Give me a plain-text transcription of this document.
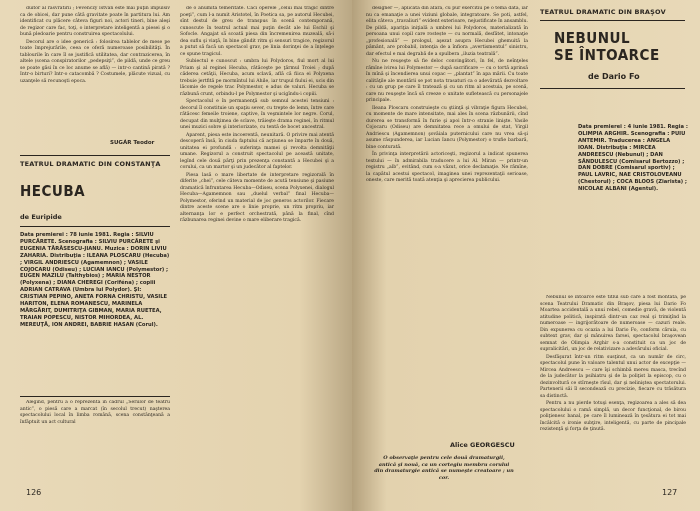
duitor al răsvrătirii ; Fevenczy István este mai puţin impulsiv ca de obicei, dar pune câtă gravitate poate în partitura lui. Am identificat cu plăcere câteva figuri noi, actori tineri, bine aleşi de regizor care fac, toţi, o interpretare inteligentă a piesei şi o bună pledoarie pentru construirea spectacolului.

Decorul are o idee generică : folosirea tablelor de mese pe toate împrejurările, ceea ce oferă numeroase posibilităţi. În tablourile în care îl se justifică utilitatea, dar contrazicerea, în altele (scena conspiratorilor „pedepsiţi”, de pildă, unde ce greu se poate găsi în ce loc anume se află) — intr-o cantină pirată ? Intr-o birturi? Intr-o catacombă ? Costumele, plăcute vizual, cu uzanţele să recunoşti epoca.

SUGÁR Teodor
TEATRUL DRAMATIC DIN CONSTANŢA
HECUBA
de Euripide
Data premierei : 78 iunie 1981. Regia : SILVIU PURCĂRETE. Scenografia : SILVIU PURCĂRETE şi EUGENIA TĂRĂSESCU-JIANU. Muzica : DORIN LIVIU ZAHARIA. Distribuţia : ILEANA PLOSCARU (Hecuba) ; VIRGIL ANDRIESCU (Agamemnon) ; VASILE COJOCARU (Odiseu) ; LUCIAN IANCU (Polymestor) ; EUGEN MAZILU (Talthybios) ; MARIA NESTOR (Polyxena) ; DIANA CHEREGI (Coriféna) ; copiii ADRIAN CATRAVA (Umbra lui Polydor). ŞI: CRISTIAN PEPINO, ANETA FORNA CHRISTU, VASILE HARITON, ELENA ROMANESCU, MARINELA MĂRGĂRIT, DUMITRIŢA GIBMAN, MARIA RUETEA, TRAIAN POPESCU, NISTOR MIHORDEA, AL. MEREUŢĂ, ION ANDREI, BABRIE HASAN (Corul).

Alegînd, pentru a o reprezenta în cadrul „Seriilor de teatru antic”, o piesă care a marcat (în secolul trecut) naşterea spectacolului local în limba română, scena constănţeană a înfăptuit un act cultural

de o anumită temeritate. Căci operele „celui mai tragic dintre poeţi”, cum l-a numit Aristotel, în Poetica sa, pe autorul Hecubei, sînt destul de greu de transpus în scenă contemporană, cunoscute în teatrul actual mai puţin decât ale lui Eschil şi Sofocle. Angajat să scoată piesa din încremenirea muzeală, să-i dea suflu şi viaţă, în bine gândit ritm şi sensuri tragice, regizorul a putut să facă un spectacol grav, pe linia dorinţei de a înţelege ce spune tragicul.

Subiectul e cunoscut : umbra lui Polydoros, fiul mort al lui Priam şi al reginei Hecuba, rătăceşte pe ţărmul Troiei ; după căderea cetăţii, Hecuba, acum sclavă, află că fiica ei Polyxena trebuie jertfită pe mormîntul lui Ahile, iar trupul fiului ei, ucis din lăcomie de regele trac Polymestor, e adus de valuri. Hecuba se răzbună crunt, orbindu-l pe Polymestor şi ucigîndu-i copiii.

Spectacolul e în permanenţă sub semnul acestei tensiuni : decorul îl constituie un spaţiu sever, cu trepte de lemn, între care rătăcesc femeile troiene, captive, în veşmintele lor negre. Corul, decupat din mulţimea de sclave, trăieşte drama reginei, în ritmul unei muzici sobre şi interiorizate, cu tentă de bocet ancestral.

Aparent, piesa este incoerentă, neunitară. O privire mai atentă descoperă însă, în ciuda faptului că acţiunea se împarte în două, unitatea ei profundă : suferinţa mamei şi revolta demnităţii umane. Regizorul a construit spectacolul pe această unitate, legînd cele două părţi prin prezenţa constantă a Hecubei şi a corului, ca un martor şi un judecător al faptelor.

Piesa lasă o mare libertate de interpretare regizorală în diferite „chei”, cele câteva momente de acută tensiune şi pasiune dramatică înfruntarea Hecuba—Odiseu, scena Polyxenei, dialogul Hecuba—Agamemnon sau „duelul verbal” final Hecuba—Polymestor, oferind un material de joc generos actorilor. Fiecare dintre aceste scene are o linie proprie, un ritm propriu, iar alternanţa lor e perfect orchestrată, până la final, cînd răzbunarea reginei devine o mare eliberare tragică.

126

designer —, aplicată din afară, cu pur exercitiu pe o temă dată, iar nu ca emanaţie a unei viziuni globale, integratoare. Se poti, astfel, elita câteva „travaliuri” evident exterioare, nejustificate în ansamblu. De pildă, apariţia iniţială a umbrei lui Polydoros, materializată în persoana unui copil care rostește — cu normală, desfătet, intonaţie „profesională” — prologul, aşezat asupra Hecubei ghemuită la pământ, are probabil, intenţia de a înfiora „avertismentul” sinistru, dar efectul e mai degrabă de a spulbera „iluzia teatrală”.

Nu ne reuşeşte să fie deloc convingători, în fel, de neînţeles rămîne ivirea lui Polymestor — după sacrificare — cu o tortă aprinsă în mînă şi încendierea unui copac — „plantat” în apa mării. Cu toate calităţile ale montării se pot nota trasaturi ca o adevărată dezvoltare : cu un grup pe care îl tratează şi cu un ritm al acestuia, pe scenă, care nu reuşeşte încă să creeze o unitate sufletească cu personajele principale.

Ileana Ploscaru construieşte cu ştiinţă şi vibraţie figura Hecubei, cu momente de mare intensitate, mai ales în scena răzbunării, cînd durerea se transformă în furie şi apoi într-o stranie linişte. Vasile Cojocaru (Odiseu) are demnitatea rece a omului de stat, Virgil Andriescu (Agamemnon) şovăiala puternicului care nu vrea să-şi asume răspunderea, iar Lucian Iancu (Polymestor) o trufie barbară, bine conturată.

În privinţa interpretării actoriceşti, regizorul a indicat spunerea textului — în admirabila traducere a lui Al. Miran — printr-un registru „alb”, evitând, cum s-a văzut, orice declamaţie. Ne rămîne, la capătul acestui spectacol, imaginea unei reprezentaţii serioase, oneste, care merită toată atenţia şi aprecierea publicului.

Alice GEORGESCU
O observaţie pentru cele două dramaturgii, antică şi nouă, ca un cortegiu membru corului din dramaturgie antică se numeşte creatoare ; un cor.
TEATRUL DRAMATIC DIN BRAŞOV
NEBUNUL
SE ÎNTOARCE
de Dario Fo
Data premierei : 4 iunie 1981. Regia : OLIMPIA ARGHIR. Scenografia : PUIU ANTEMIR. Traducerea : ANGELA IOAN. Distribuţia : MIRCEA ANDREESCU (Nebunul) ; DAN SĂNDULESCU (Comisarul Bertozzo) ; DAN DOBRE (Comisarul sportiv) ; PAUL LAVRIC, NAE CRISTOLOVEANU (Chestorul) ; COCA BLOOS (Ziarista) ; NICOLAE ALBANI (Agentul).

Nebunul se întoarce este titlul sub care a fost montată, pe scena Teatrului Dramatic din Braşov, piesa lui Dario Fo Moartea accidentală a unui rebel, comedie gravă, de violentă atitudine politică, inspirată dintr-un caz real şi trimiţînd la numeroase — ingrijorătoare de numeroase — cazuri reale. Din expunerea cu ocazia a lui Dario Fo, conform căruia, cu subtext grav, dar şi mânuirea farsei, spectacolul braşovean semnat de Olimpia Arghir s-a constituit ca un joc de supralicitări, un joc de relativizare a adevărului oficial.

Desfăşurat într-un ritm susţinut, ca un număr de circ, spectacolul pune în valoare talentul unui actor de excepţie — Mircea Andreescu — care îşi schimbă mereu masca, trecînd de la judecător la psihiatru şi de la poliţist la episcop, cu o dezinvoltură ce stîrneşte rîsul, dar şi neliniştea spectatorului. Partenerii săi îl secondează cu precizie, fiecare cu trăsătura sa distinctă.

Pentru a nu pierde totuşi esenţa, regizoarea a ales să dea spectacolului o ramă simplă, un decor funcţional, de birou poliţienesc banal, pe care îl luminează în ţesătura ei tot mai încâlcită o ironie subţire, inteligentă, cu parte de pincipale rezistenţă şi forţa de ţinută.

127
